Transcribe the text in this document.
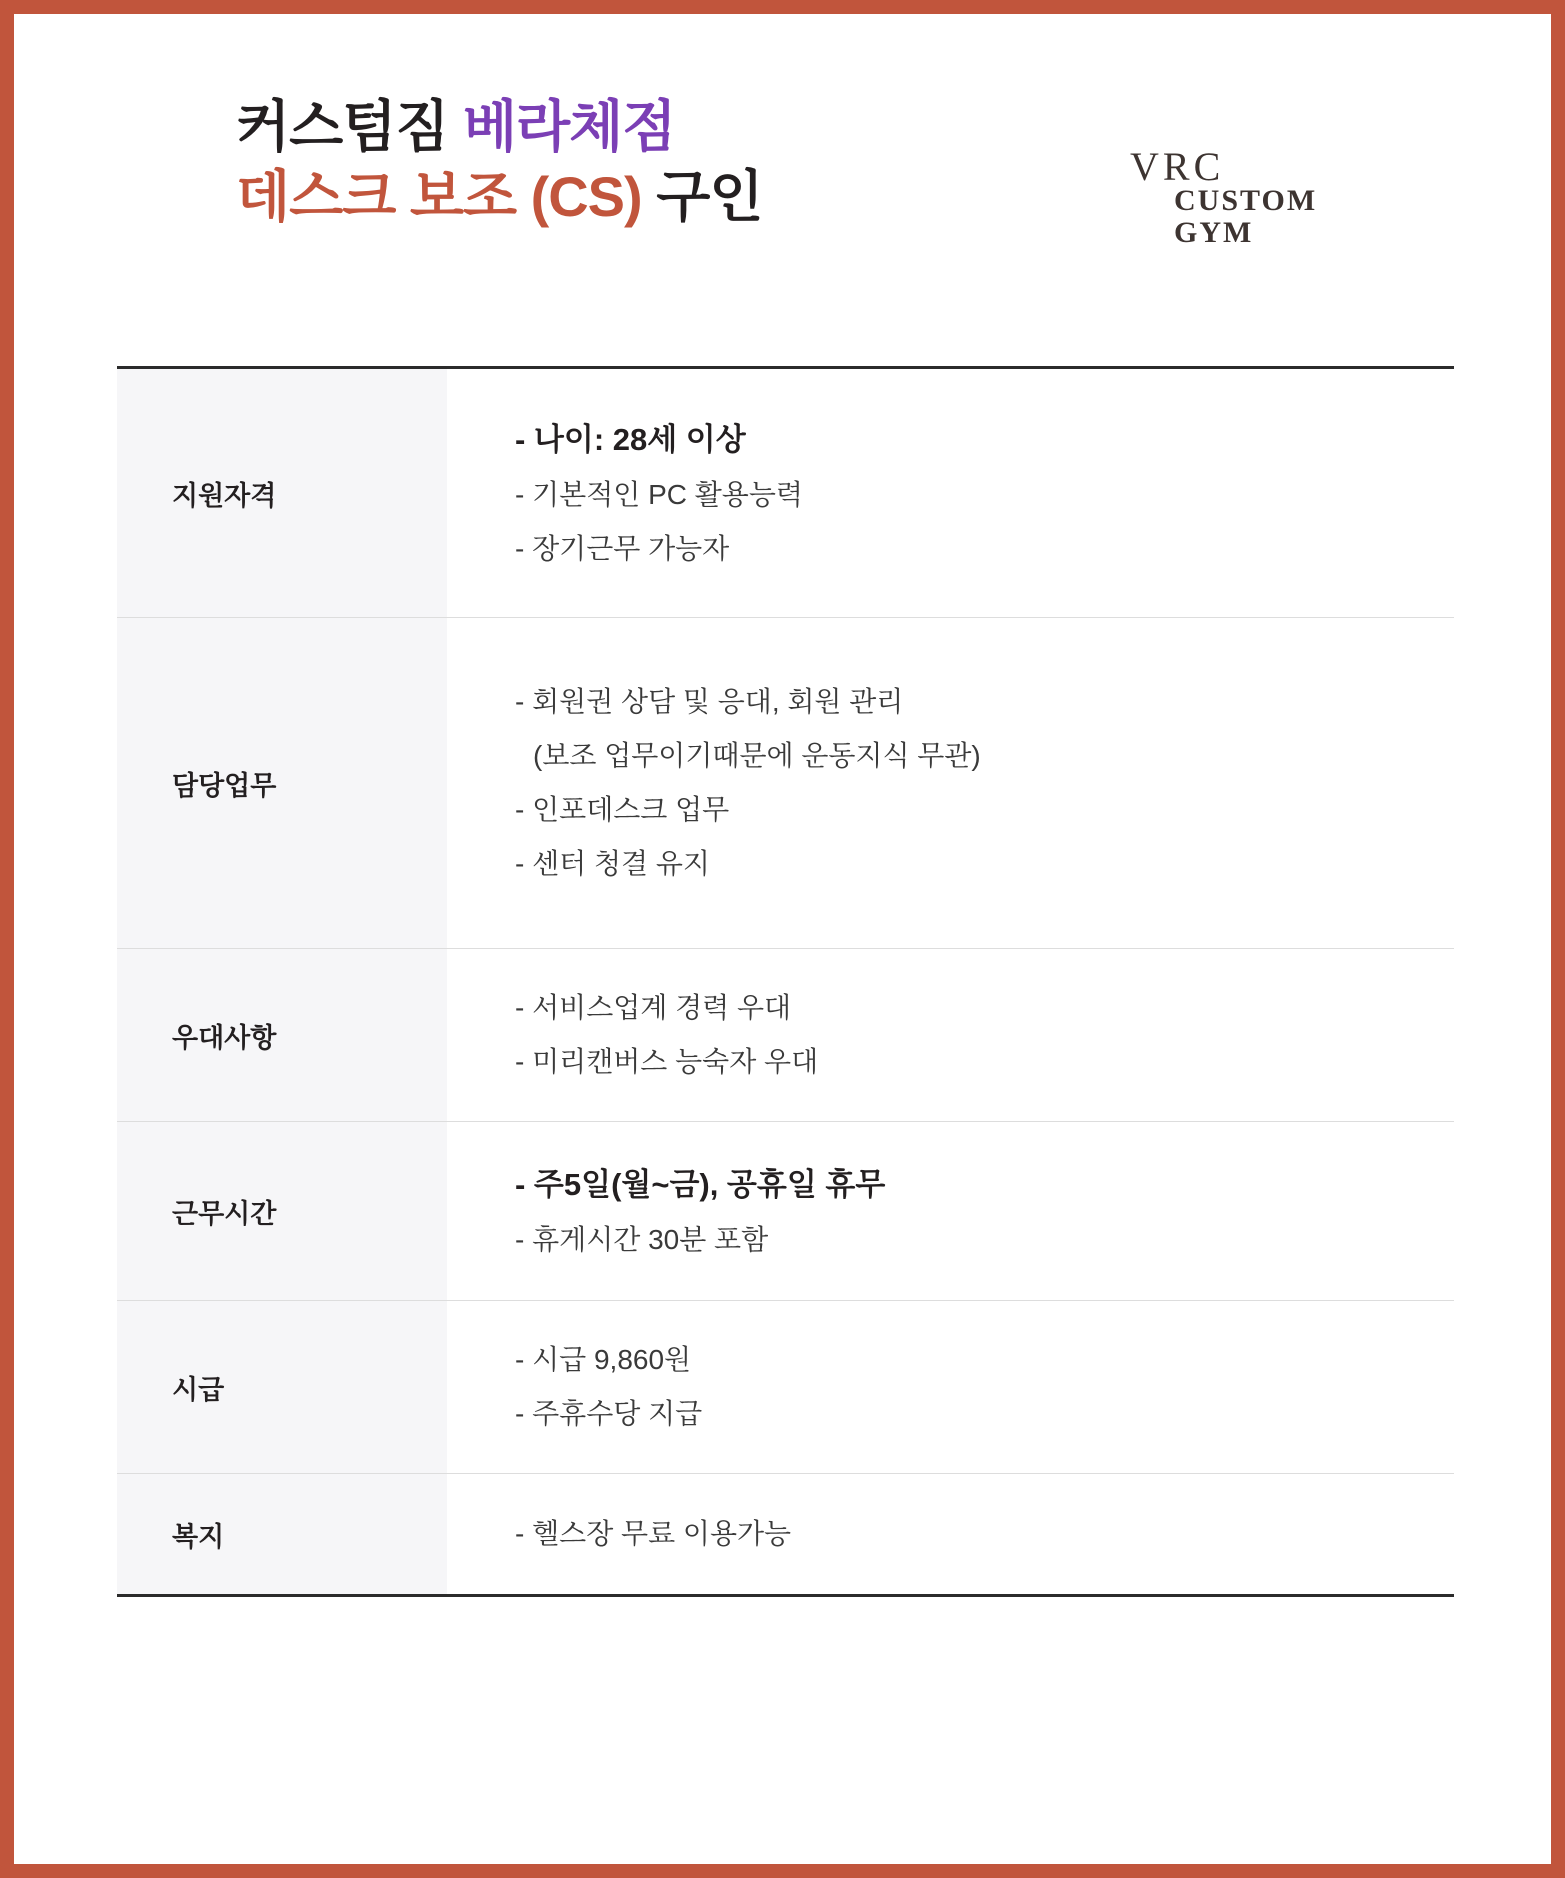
커스텀짐 베라체점
데스크 보조 (CS) 구인	VRC
CUSTOM
GYM
지원자격
- 나이: 28세 이상
- 기본적인 PC 활용능력
- 장기근무 가능자
담당업무
- 회원권 상담 및 응대, 회원 관리
(보조 업무이기때문에 운동지식 무관)
- 인포데스크 업무
- 센터 청결 유지
우대사항
- 서비스업계 경력 우대
- 미리캔버스 능숙자 우대
근무시간
- 주5일(월~금), 공휴일 휴무
- 휴게시간 30분 포함
시급
- 시급 9,860원
- 주휴수당 지급
복지	- 헬스장 무료 이용가능
